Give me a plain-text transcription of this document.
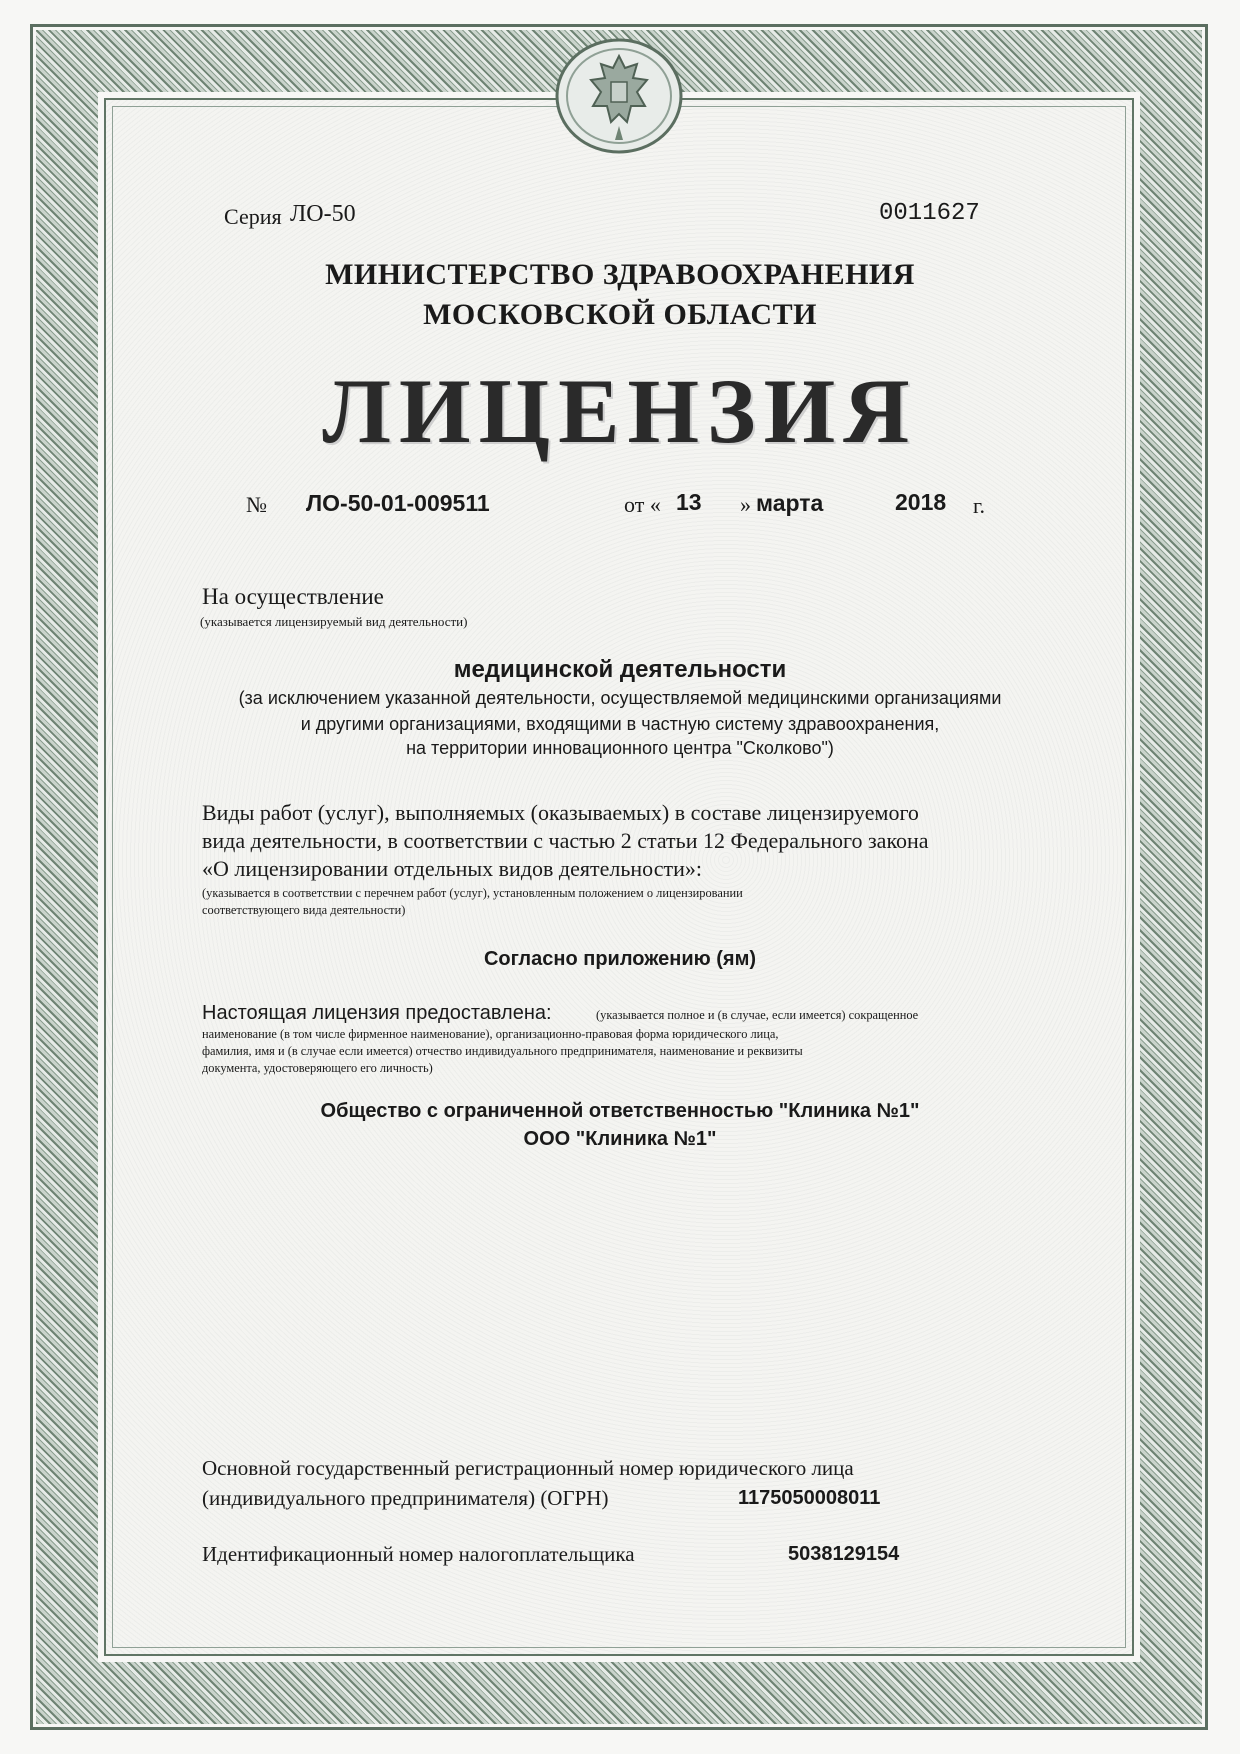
Серия ЛО-50	0011627

МИНИСТЕРСТВО ЗДРАВООХРАНЕНИЯ

МОСКОВСКОЙ ОБЛАСТИ

ЛИЦЕНЗИЯ

№ ЛО-50-01-009511	от « 13 » марта	2018 г.

На осуществление

(указывается лицензируемый вид деятельности)

медицинской деятельности

(за исключением указанной деятельности, осуществляемой медицинскими организациями

и другими организациями, входящими в частную систему здравоохранения,

на территории инновационного центра "Сколково")

Виды работ (услуг), выполняемых (оказываемых) в составе лицензируемого

вида деятельности, в соответствии с частью 2 статьи 12 Федерального закона

«О лицензировании отдельных видов деятельности»:

(указывается в соответствии с перечнем работ (услуг), установленным положением о лицензировании

соответствующего вида деятельности)

Согласно приложению (ям)

Настоящая лицензия предоставлена:	(указывается полное и (в случае, если имеется) сокращенное

наименование (в том числе фирменное наименование), организационно-правовая форма юридического лица,

фамилия, имя и (в случае если имеется) отчество индивидуального предпринимателя, наименование и реквизиты

документа, удостоверяющего его личность)

Общество с ограниченной ответственностью "Клиника №1"

ООО "Клиника №1"

Основной государственный регистрационный номер юридического лица

(индивидуального предпринимателя) (ОГРН)	1175050008011

Идентификационный номер налогоплательщика	5038129154
